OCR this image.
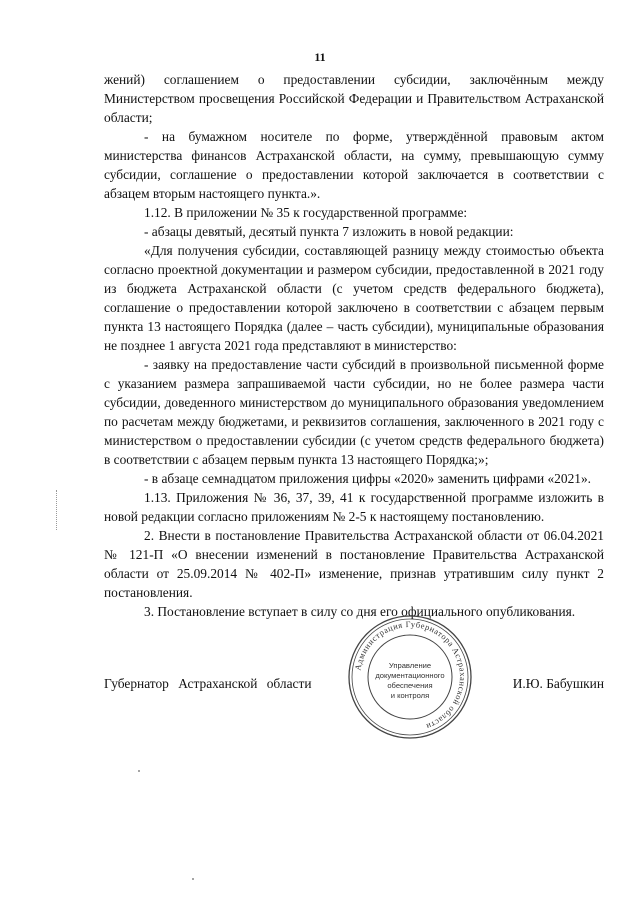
11

жений) соглашением о предоставлении субсидии, заключённым между Министерством просвещения Российской Федерации и Правительством Астраханской области;

- на бумажном носителе по форме, утверждённой правовым актом министерства финансов Астраханской области, на сумму, превышающую сумму субсидии, соглашение о предоставлении которой заключается в соответствии с абзацем вторым настоящего пункта.».

1.12. В приложении № 35 к государственной программе:

- абзацы девятый, десятый пункта 7 изложить в новой редакции:

«Для получения субсидии, составляющей разницу между стоимостью объекта согласно проектной документации и размером субсидии, предоставленной в 2021 году из бюджета Астраханской области (с учетом средств федерального бюджета), соглашение о предоставлении которой заключено в соответствии с абзацем первым пункта 13 настоящего Порядка (далее – часть субсидии), муниципальные образования не позднее 1 августа 2021 года представляют в министерство:

- заявку на предоставление части субсидий в произвольной письменной форме с указанием размера запрашиваемой части субсидии, но не более размера части субсидии, доведенного министерством до муниципального образования уведомлением по расчетам между бюджетами, и реквизитов соглашения, заключенного в 2021 году с министерством о предоставлении субсидии (с учетом средств федерального бюджета) в соответствии с абзацем первым пункта 13 настоящего Порядка;»;

- в абзаце семнадцатом приложения цифры «2020» заменить цифрами «2021».

1.13. Приложения № 36, 37, 39, 41 к государственной программе изложить в новой редакции согласно приложениям № 2-5 к настоящему постановлению.

2. Внести в постановление Правительства Астраханской области от 06.04.2021 № 121-П «О внесении изменений в постановление Правительства Астраханской области от 25.09.2014 № 402-П» изменение, признав утратившим силу пункт 2 постановления.

3. Постановление вступает в силу со дня его официального опубликования.

Губернатор Астраханской области	И.Ю. Бабушкин
Администрация Губернатора Астраханской области
Управление
документационного
обеспечения
и контроля
